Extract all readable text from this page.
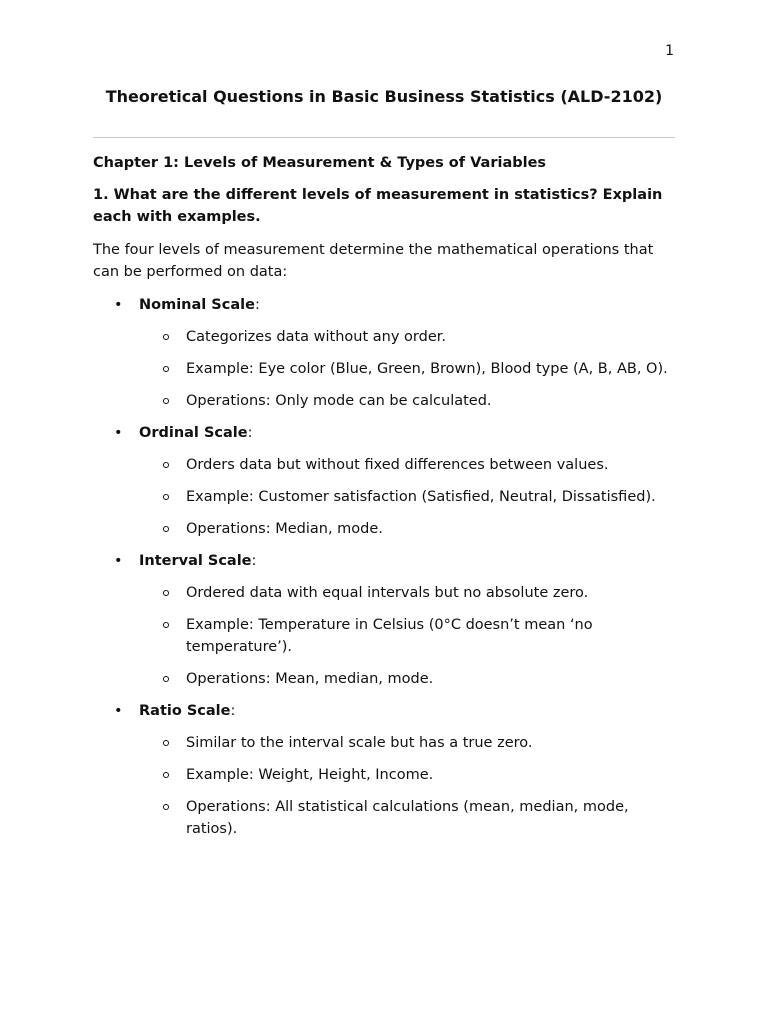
1
Theoretical Questions in Basic Business Statistics (ALD-2102)

Chapter 1: Levels of Measurement & Types of Variables

1. What are the different levels of measurement in statistics? Explain each with examples.

The four levels of measurement determine the mathematical operations that can be performed on data:

• Nominal Scale:
Categorizes data without any order.
Example: Eye color (Blue, Green, Brown), Blood type (A, B, AB, O).
Operations: Only mode can be calculated.
• Ordinal Scale:
Orders data but without fixed differences between values.
Example: Customer satisfaction (Satisfied, Neutral, Dissatisfied).
Operations: Median, mode.
• Interval Scale:
Ordered data with equal intervals but no absolute zero.
Example: Temperature in Celsius (0°C doesn’t mean ‘no temperature’).
Operations: Mean, median, mode.
• Ratio Scale:
Similar to the interval scale but has a true zero.
Example: Weight, Height, Income.
Operations: All statistical calculations (mean, median, mode, ratios).
